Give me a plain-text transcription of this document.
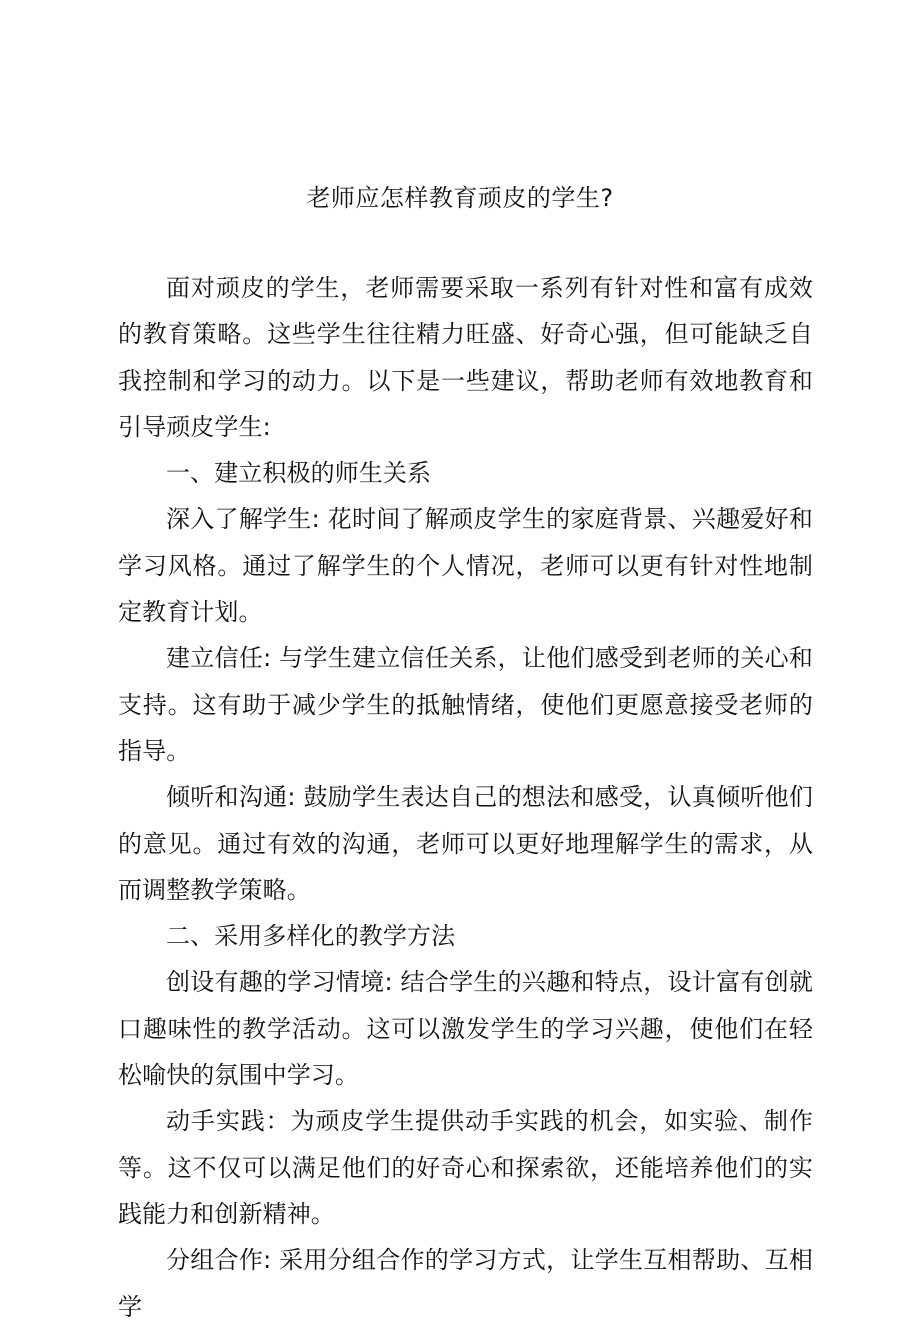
老师应怎样教育顽皮的学生?

面对顽皮的学生，老师需要采取一系列有针对性和富有成效的教育策略。这些学生往往精力旺盛、好奇心强，但可能缺乏自我控制和学习的动力。以下是一些建议，帮助老师有效地教育和引导顽皮学生:

一、建立积极的师生关系

深入了解学生: 花时间了解顽皮学生的家庭背景、兴趣爱好和学习风格。通过了解学生的个人情况，老师可以更有针对性地制定教育计划。

建立信任: 与学生建立信任关系，让他们感受到老师的关心和支持。这有助于减少学生的抵触情绪，使他们更愿意接受老师的指导。

倾听和沟通: 鼓励学生表达自己的想法和感受，认真倾听他们的意见。通过有效的沟通，老师可以更好地理解学生的需求，从而调整教学策略。

二、采用多样化的教学方法

创设有趣的学习情境: 结合学生的兴趣和特点，设计富有创就口趣味性的教学活动。这可以激发学生的学习兴趣，使他们在轻松喻快的氛围中学习。

动手实践：为顽皮学生提供动手实践的机会，如实验、制作等。这不仅可以满足他们的好奇心和探索欲，还能培养他们的实践能力和创新精神。

分组合作: 采用分组合作的学习方式，让学生互相帮助、互相学
